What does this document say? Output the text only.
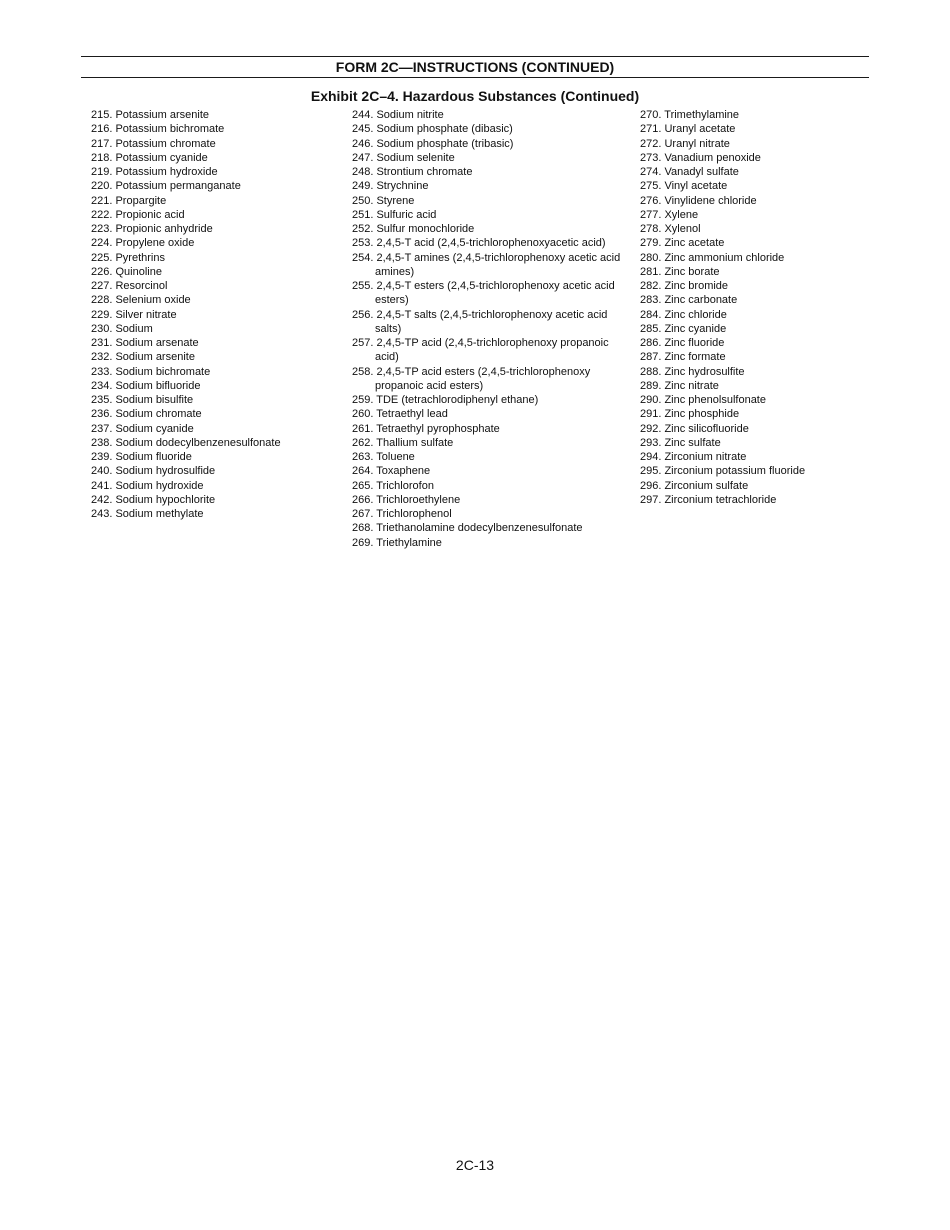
FORM 2C—INSTRUCTIONS (CONTINUED)
Exhibit 2C–4. Hazardous Substances (Continued)
215. Potassium arsenite
216. Potassium bichromate
217. Potassium chromate
218. Potassium cyanide
219. Potassium hydroxide
220. Potassium permanganate
221. Propargite
222. Propionic acid
223. Propionic anhydride
224. Propylene oxide
225. Pyrethrins
226. Quinoline
227. Resorcinol
228. Selenium oxide
229. Silver nitrate
230. Sodium
231. Sodium arsenate
232. Sodium arsenite
233. Sodium bichromate
234. Sodium bifluoride
235. Sodium bisulfite
236. Sodium chromate
237. Sodium cyanide
238. Sodium dodecylbenzenesulfonate
239. Sodium fluoride
240. Sodium hydrosulfide
241. Sodium hydroxide
242. Sodium hypochlorite
243. Sodium methylate
244. Sodium nitrite
245. Sodium phosphate (dibasic)
246. Sodium phosphate (tribasic)
247. Sodium selenite
248. Strontium chromate
249. Strychnine
250. Styrene
251. Sulfuric acid
252. Sulfur monochloride
253. 2,4,5-T acid (2,4,5-trichlorophenoxyacetic acid)
254. 2,4,5-T amines (2,4,5-trichlorophenoxy acetic acid amines)
255. 2,4,5-T esters (2,4,5-trichlorophenoxy acetic acid esters)
256. 2,4,5-T salts (2,4,5-trichlorophenoxy acetic acid salts)
257. 2,4,5-TP acid (2,4,5-trichlorophenoxy propanoic acid)
258. 2,4,5-TP acid esters (2,4,5-trichlorophenoxy propanoic acid esters)
259. TDE (tetrachlorodiphenyl ethane)
260. Tetraethyl lead
261. Tetraethyl pyrophosphate
262. Thallium sulfate
263. Toluene
264. Toxaphene
265. Trichlorofon
266. Trichloroethylene
267. Trichlorophenol
268. Triethanolamine dodecylbenzenesulfonate
269. Triethylamine
270. Trimethylamine
271. Uranyl acetate
272. Uranyl nitrate
273. Vanadium penoxide
274. Vanadyl sulfate
275. Vinyl acetate
276. Vinylidene chloride
277. Xylene
278. Xylenol
279. Zinc acetate
280. Zinc ammonium chloride
281. Zinc borate
282. Zinc bromide
283. Zinc carbonate
284. Zinc chloride
285. Zinc cyanide
286. Zinc fluoride
287. Zinc formate
288. Zinc hydrosulfite
289. Zinc nitrate
290. Zinc phenolsulfonate
291. Zinc phosphide
292. Zinc silicofluoride
293. Zinc sulfate
294. Zirconium nitrate
295. Zirconium potassium fluoride
296. Zirconium sulfate
297. Zirconium tetrachloride
2C-13
